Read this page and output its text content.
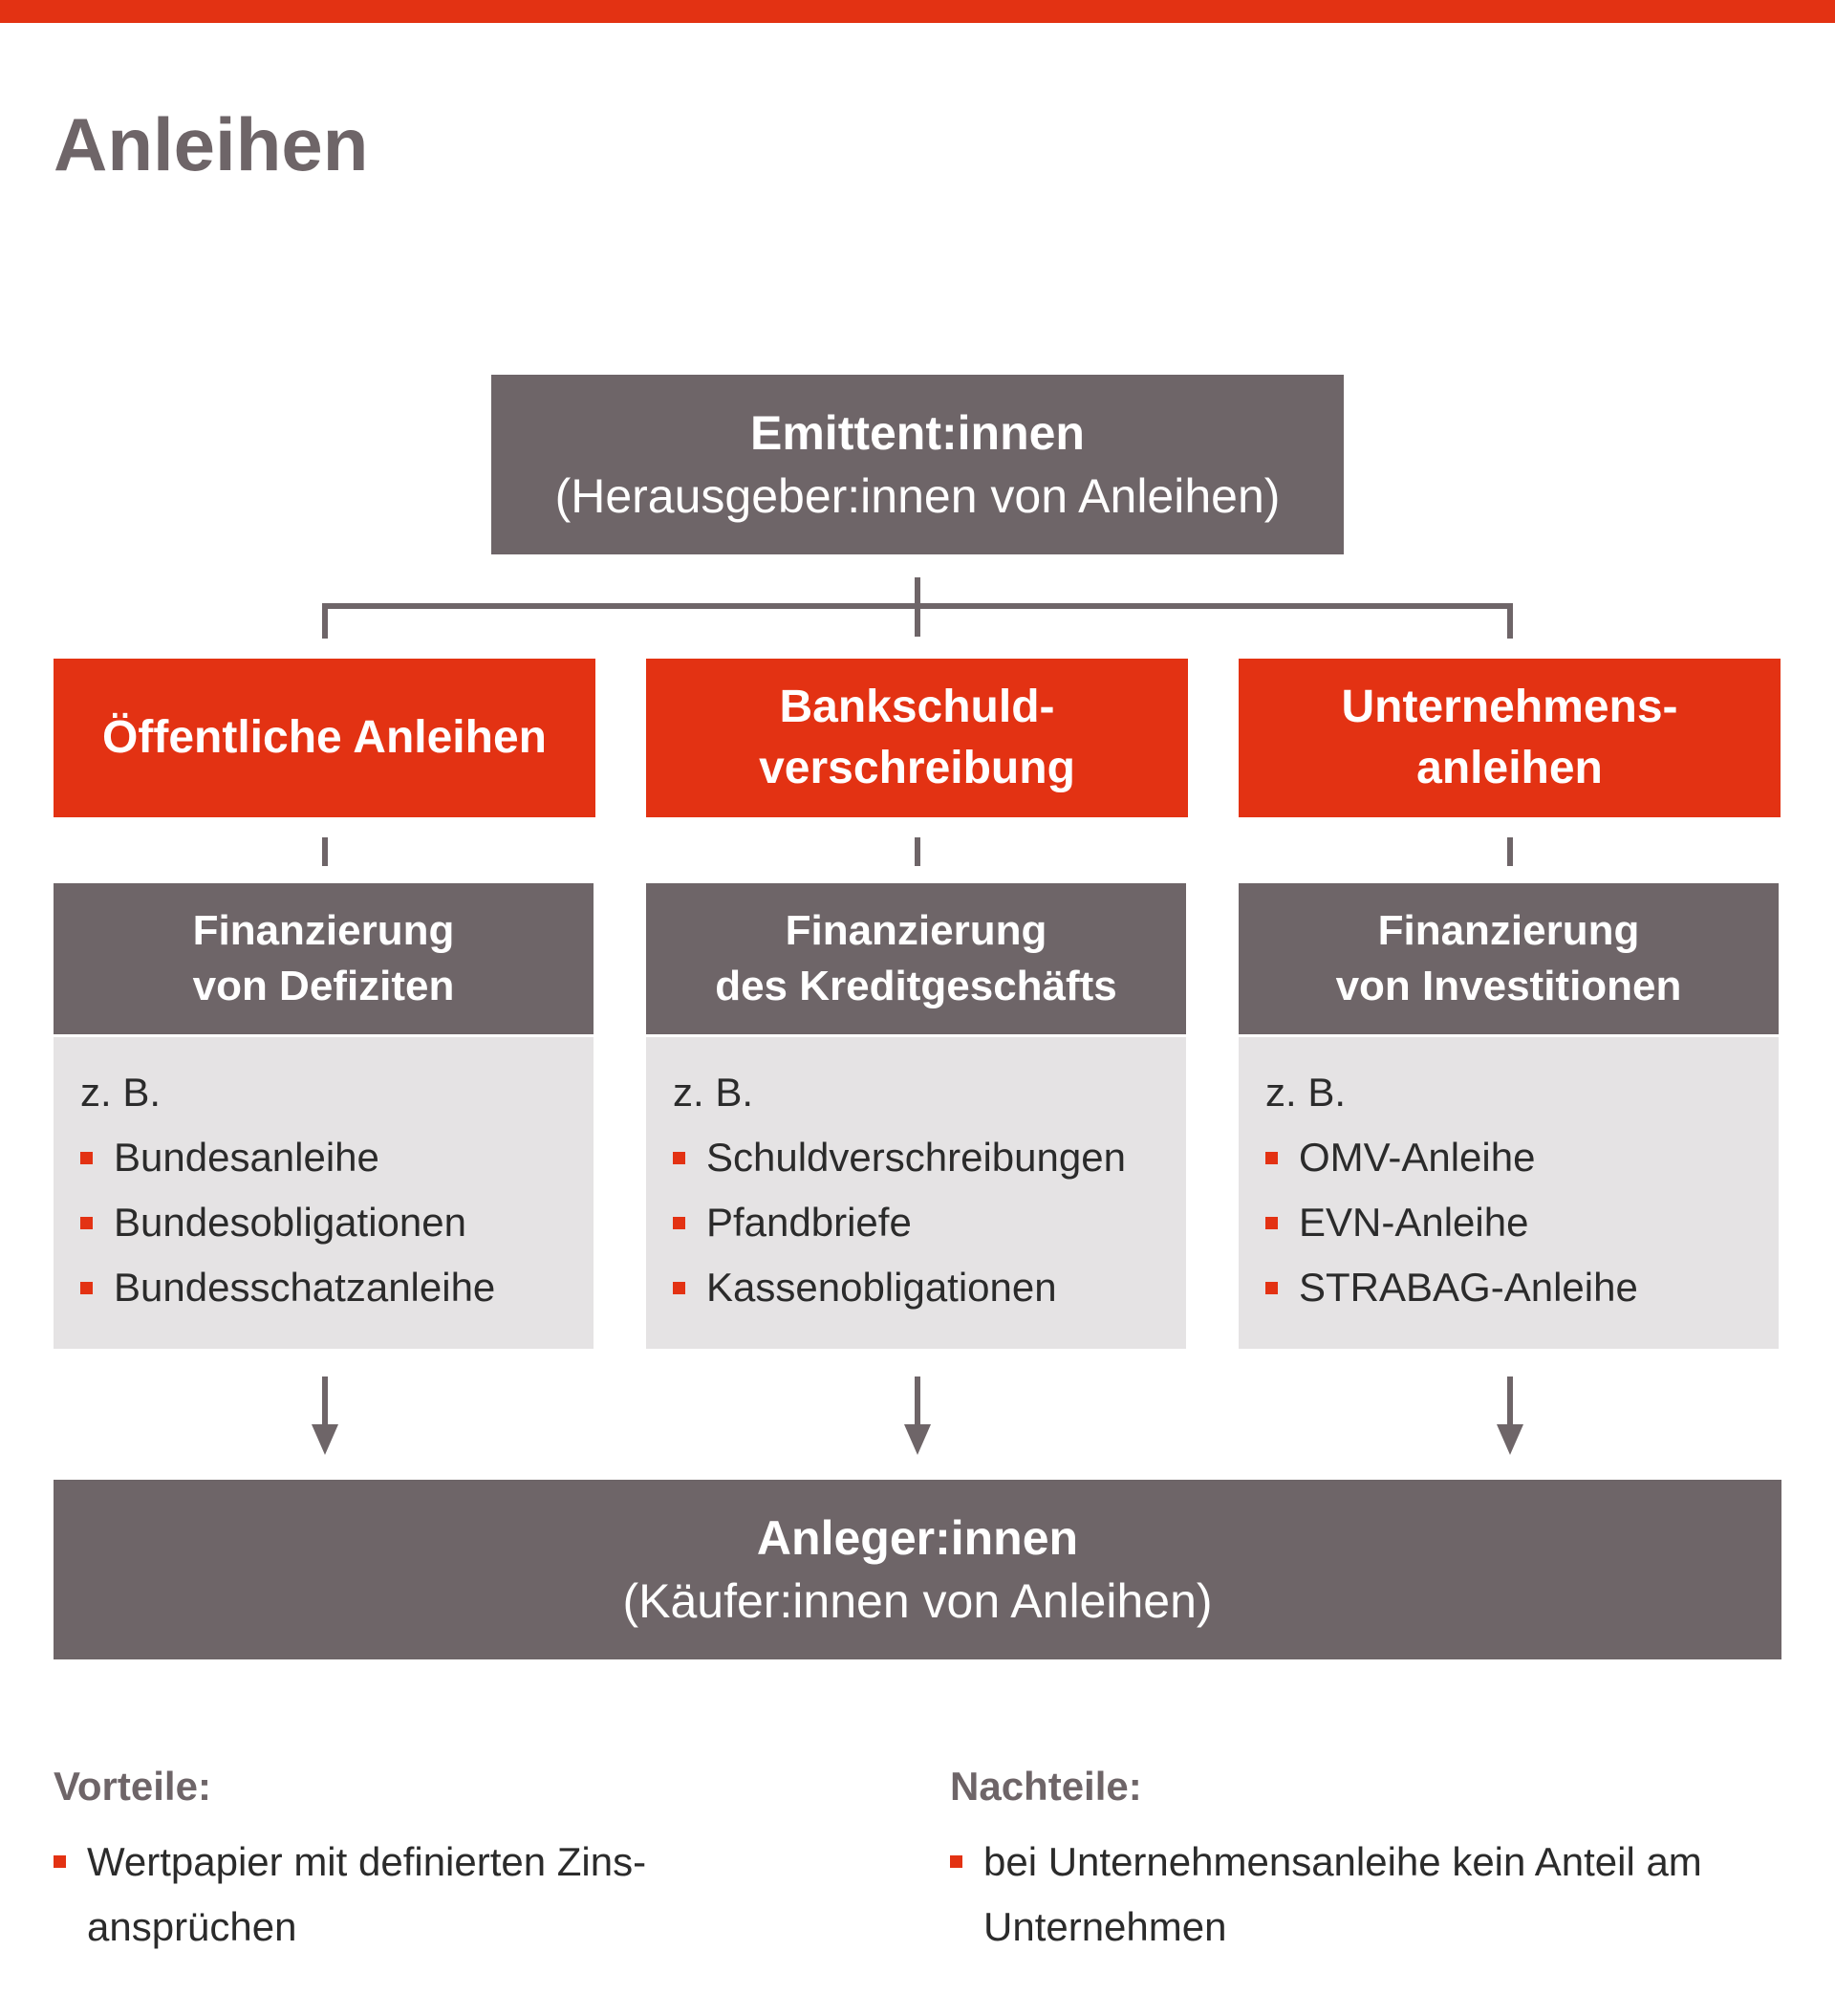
Anleihen
Emittent:innen
(Herausgeber:innen von Anleihen)
Öffentliche Anleihen
Bankschuld-
verschreibung
Unternehmens-
anleihen
Finanzierung
von Defiziten
Finanzierung
des Kreditgeschäfts
Finanzierung
von Investitionen
z. B.
Bundesanleihe
Bundesobligationen
Bundesschatzanleihe
z. B.
Schuldverschreibungen
Pfandbriefe
Kassenobligationen
z. B.
OMV-Anleihe
EVN-Anleihe
STRABAG-Anleihe
Anleger:innen
(Käufer:innen von Anleihen)
Vorteile:
Wertpapier mit definierten Zins-
ansprüchen
Nachteile:
bei Unternehmensanleihe kein Anteil am
Unternehmen
